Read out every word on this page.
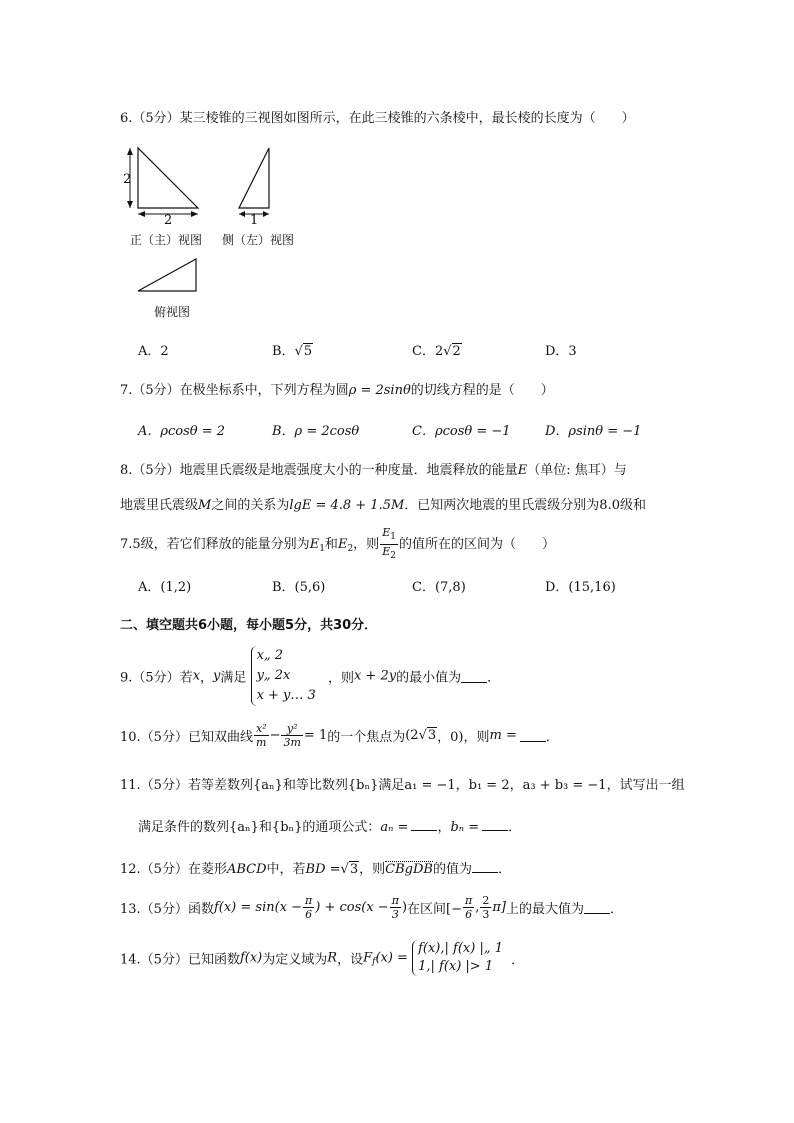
6.（5分）某三棱锥的三视图如图所示，在此三棱锥的六条棱中，最长棱的长度为（　　）
2
2	1
正（主）视图 侧（左）视图
俯视图
A．2	B．√5	C．2√2	D．3
7.（5分）在极坐标系中，下列方程为圆ρ = 2sinθ的切线方程的是（　　）
A．ρcosθ = 2	B．ρ = 2cosθ	C．ρcosθ = −1	D．ρsinθ = −1
8.（5分）地震里氏震级是地震强度大小的一种度量．地震释放的能量E（单位: 焦耳）与
地震里氏震级M之间的关系为lgE = 4.8 + 1.5M．已知两次地震的里氏震级分别为8.0级和
7.5级，若它们释放的能量分别为$E_1$和$E_2$，则 $\frac{E_1}{E_2}$ 的值所在的区间为（　　）
A．(1,2)	B．(5,6)	C．(7,8)	D．(15,16)
二、填空题共6小题，每小题5分，共30分．
9.（5分）若x，y满足
x„ 2
y„ 2x
x + y… 3
，则x + 2y的最小值为 ．
10.（5分）已知双曲线 $\frac{\text{x²}}{m} - \frac{\text{y²}}{3m} = 1$的一个焦点为(2√3，0)，则m = ．
11.（5分）若等差数列{aₙ}和等比数列{bₙ}满足a₁ = −1，b₁ = 2，a₃ + b₃ = −1，试写出一组
满足条件的数列{aₙ}和{bₙ}的通项公式：aₙ = ，bₙ = ．
12.（5分）在菱形ABCD中，若BD =√3，则CBgDB的值为 ．
13.（5分）函数$f(x) = \sin(x - \frac{\pi}{6}$ ) + $\cos(x - \frac{\pi}{3}$ )在区间[− $\frac{\pi}{6}$ , $\frac{2}{3} \pi$]上的最大值为 ．
14.（5分）已知函数f(x)为定义域为R，设$F_f(x)$ =
f(x),| f(x) |„ 1
1,| f(x) |> 1	．
